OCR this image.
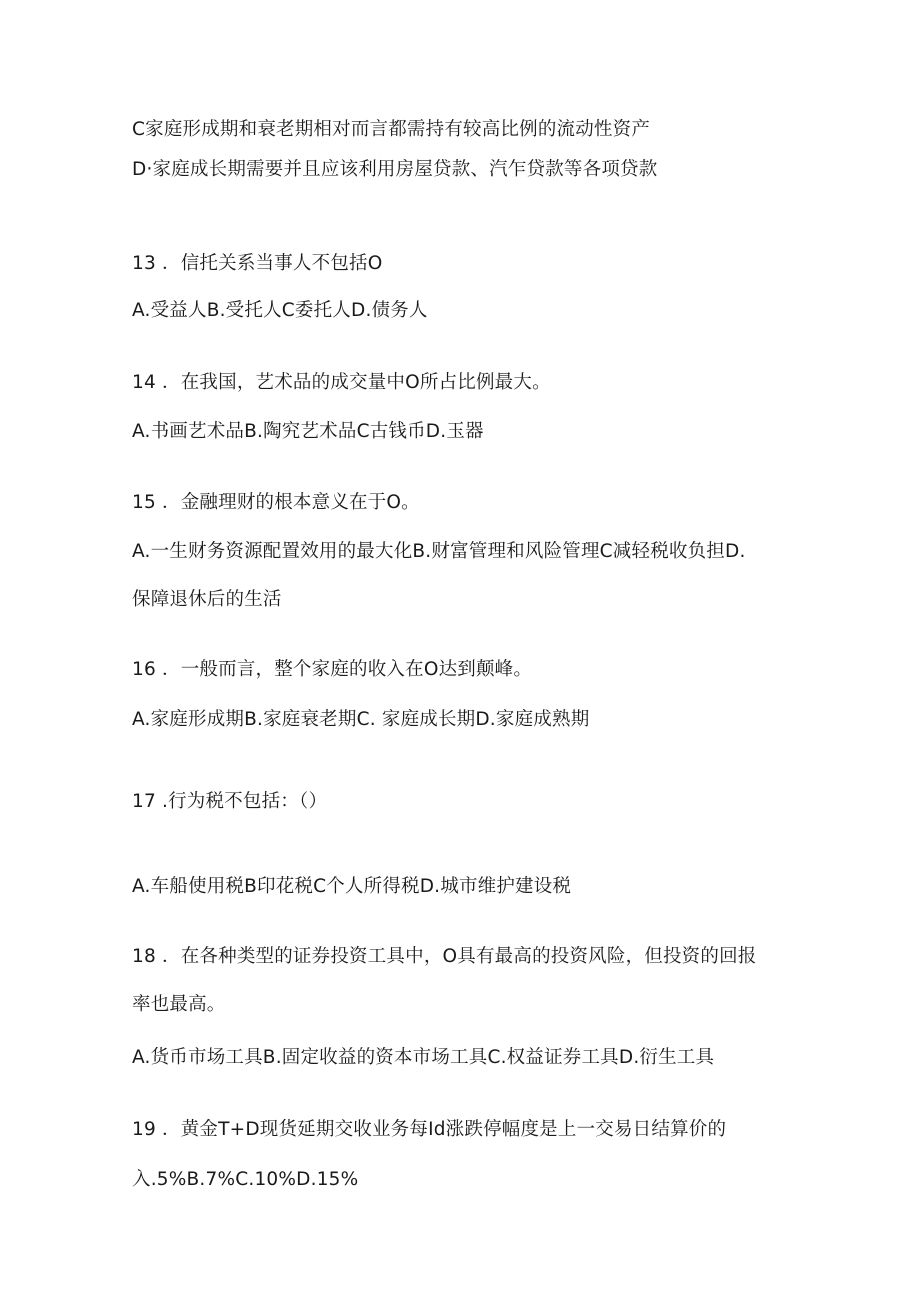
C家庭形成期和衰老期相对而言都需持有较高比例的流动性资产
D·家庭成长期需要并且应该利用房屋贷款、汽乍贷款等各项贷款
13 ．信托关系当事人不包括O
A.受益人B.受托人C委托人D.债务人
14 ．在我国，艺术品的成交量中O所占比例最大。
A.书画艺术品B.陶究艺术品C古钱币D.玉器
15 ．金融理财的根本意义在于O。
A.一生财务资源配置效用的最大化B.财富管理和风险管理C减轻税收负担D.
保障退休后的生活
16 ．一般而言，整个家庭的收入在O达到颠峰。
A.家庭形成期B.家庭衰老期C. 家庭成长期D.家庭成熟期
17 .行为税不包括：（）
A.车船使用税B印花税C个人所得税D.城市维护建设税
18 ．在各种类型的证券投资工具中，O具有最高的投资风险，但投资的回报
率也最高。
A.货币市场工具B.固定收益的资本市场工具C.权益证券工具D.衍生工具
19 ．黄金T+D现货延期交收业务每Id涨跌停幅度是上一交易日结算价的
入.5%B.7%C.10%D.15%
